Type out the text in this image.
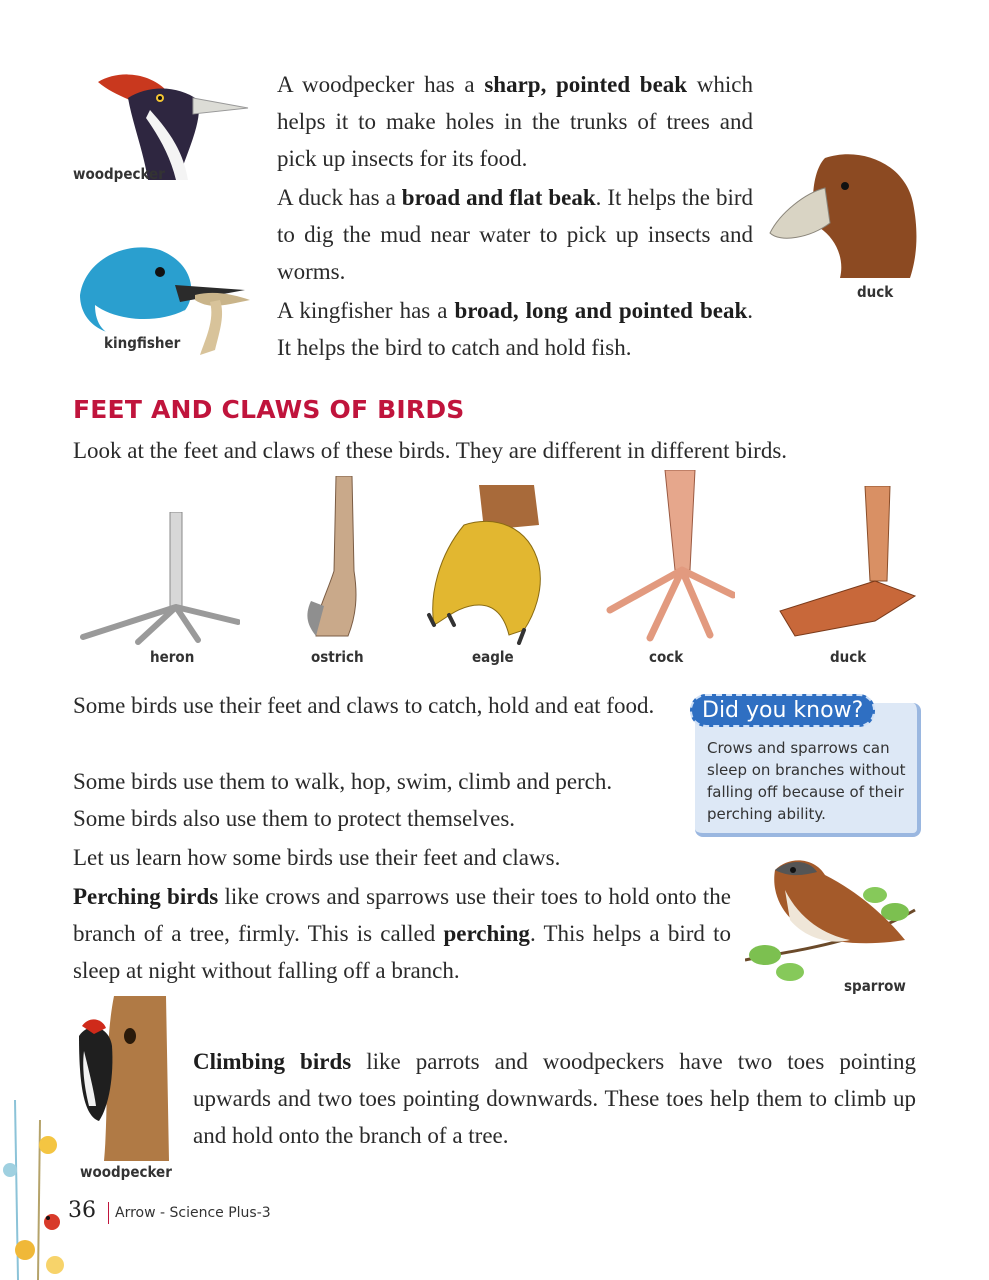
woodpecker
kingfisher
duck

A woodpecker has a sharp, pointed beak which helps it to make holes in the trunks of trees and pick up insects for its food.

A duck has a broad and flat beak. It helps the bird to dig the mud near water to pick up insects and worms.

A kingfisher has a broad, long and pointed beak. It helps the bird to catch and hold fish.

FEET AND CLAWS OF BIRDS

Look at the feet and claws of these birds. They are different in different birds.

heron	ostrich	eagle	cock	duck

Some birds use their feet and claws to catch, hold and eat food.

Some birds use them to walk, hop, swim, climb and perch.

Some birds also use them to protect themselves.

Let us learn how some birds use their feet and claws.

Perching birds like crows and sparrows use their toes to hold onto the branch of a tree, firmly. This is called perching. This helps a bird to sleep at night without falling off a branch.

Did you know?
Crows and sparrows can sleep on branches without falling off because of their perching ability.
sparrow
woodpecker

Climbing birds like parrots and woodpeckers have two toes pointing upwards and two toes pointing downwards. These toes help them to climb up and hold onto the branch of a tree.

36 Arrow - Science Plus-3
